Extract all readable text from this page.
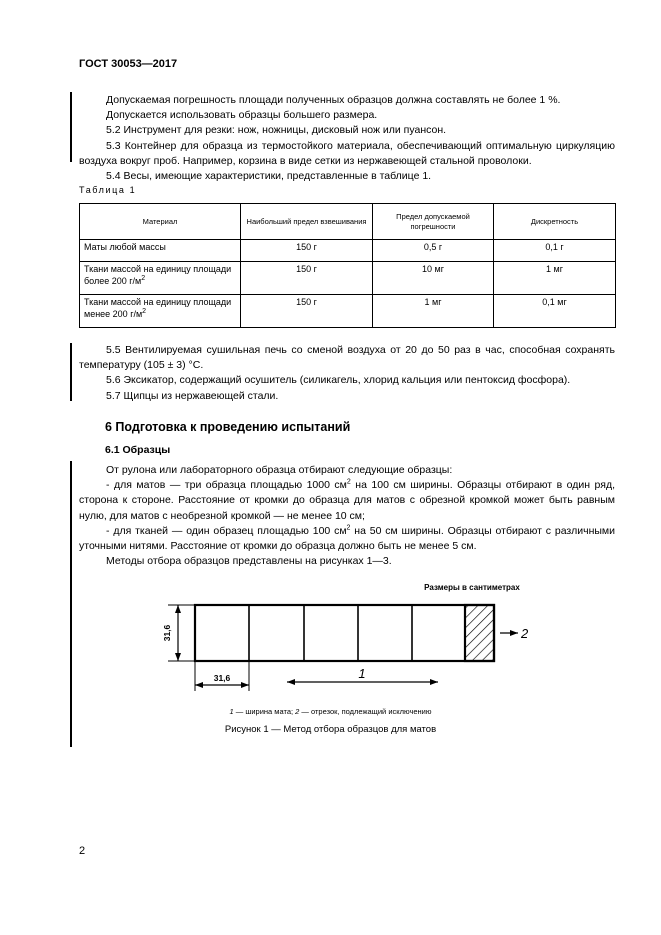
ГОСТ 30053—2017

Допускаемая погрешность площади полученных образцов должна составлять не более 1 %.

Допускается использовать образцы большего размера.

5.2 Инструмент для резки: нож, ножницы, дисковый нож или пуансон.

5.3 Контейнер для образца из термостойкого материала, обеспечивающий оптимальную циркуляцию воздуха вокруг проб. Например, корзина в виде сетки из нержавеющей стальной проволоки.

5.4 Весы, имеющие характеристики, представленные в таблице 1.

Таблица 1
Материал	Наибольший предел взвешивания	Предел допускаемой погрешности	Дискретность
Маты любой массы	150 г	0,5 г	0,1 г
Ткани массой на единицу площади более 200 $г/м^2$	150 г	10 мг	1 мг
Ткани массой на единицу площади менее 200 $г/м^2$	150 г	1 мг	0,1 мг

5.5 Вентилируемая сушильная печь со сменой воздуха от 20 до 50 раз в час, способная сохранять температуру (105 ± 3) °С.

5.6 Эксикатор, содержащий осушитель (силикагель, хлорид кальция или пентоксид фосфора).

5.7 Щипцы из нержавеющей стали.

6 Подготовка к проведению испытаний
6.1 Образцы

От рулона или лабораторного образца отбирают следующие образцы:

- для матов — три образца площадью 1000 $см^2$ на 100 см ширины. Образцы отбирают в один ряд, сторона к стороне. Расстояние от кромки до образца для матов с обрезной кромкой может быть равным нулю, для матов с необрезной кромкой — не менее 10 см;

- для тканей — один образец площадью 100 $см^2$ на 50 см ширины. Образцы отбирают с различными уточными нитями. Расстояние от кромки до образца должно быть не менее 5 см.

Методы отбора образцов представлены на рисунках 1—3.

Размеры в сантиметрах
31,6
31,6	1
2
1 — ширина мата; 2 — отрезок, подлежащий исключению
Рисунок 1 — Метод отбора образцов для матов
2
